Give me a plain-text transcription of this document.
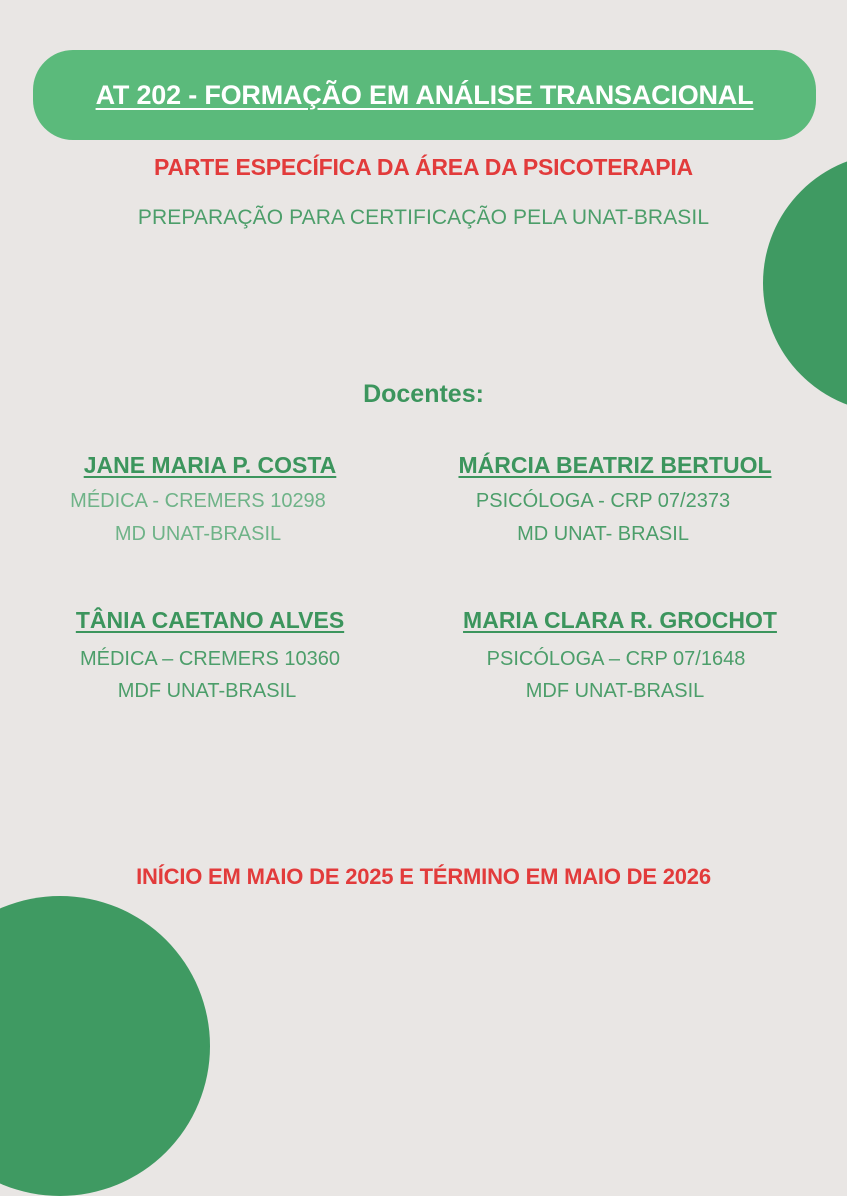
AT 202 - FORMAÇÃO EM ANÁLISE TRANSACIONAL
PARTE ESPECÍFICA DA ÁREA DA PSICOTERAPIA
PREPARAÇÃO PARA CERTIFICAÇÃO PELA UNAT-BRASIL
Docentes:
JANE MARIA P. COSTA
MÉDICA - CREMERS 10298
MD UNAT-BRASIL
MÁRCIA BEATRIZ BERTUOL
PSICÓLOGA - CRP 07/2373
MD UNAT- BRASIL
TÂNIA CAETANO ALVES
MÉDICA – CREMERS 10360
MDF UNAT-BRASIL
MARIA CLARA R. GROCHOT
PSICÓLOGA – CRP 07/1648
MDF UNAT-BRASIL
INÍCIO EM MAIO DE 2025 E TÉRMINO EM MAIO DE 2026
